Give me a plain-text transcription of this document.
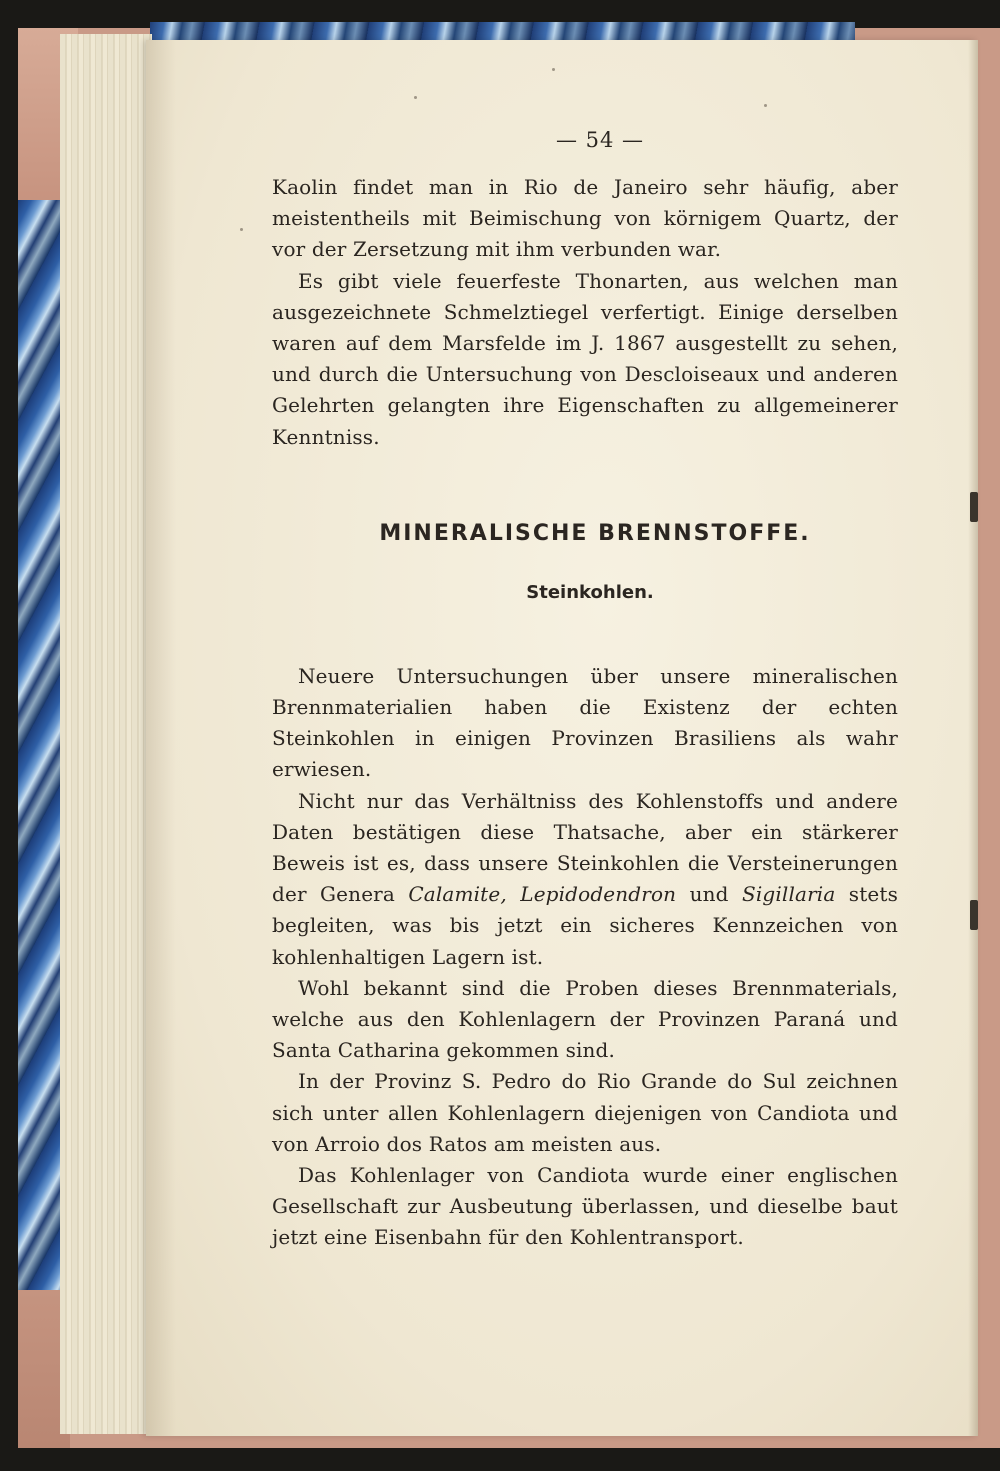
— 54 —

Kaolin findet man in Rio de Janeiro sehr häufig, aber meistentheils mit Beimischung von körnigem Quartz, der vor der Zersetzung mit ihm verbunden war.

Es gibt viele feuerfeste Thonarten, aus welchen man ausgezeichnete Schmelztiegel verfertigt. Einige derselben waren auf dem Marsfelde im J. 1867 ausgestellt zu sehen, und durch die Untersuchung von Descloiseaux und anderen Gelehrten gelangten ihre Eigenschaften zu allgemeinerer Kenntniss.

MINERALISCHE BRENNSTOFFE.
Steinkohlen.

Neuere Untersuchungen über unsere mineralischen Brennmaterialien haben die Existenz der echten Steinkohlen in einigen Provinzen Brasiliens als wahr erwiesen.

Nicht nur das Verhältniss des Kohlenstoffs und andere Daten bestätigen diese Thatsache, aber ein stärkerer Beweis ist es, dass unsere Steinkohlen die Versteinerungen der Genera Calamite, Lepidodendron und Sigillaria stets begleiten, was bis jetzt ein sicheres Kennzeichen von kohlenhaltigen Lagern ist.

Wohl bekannt sind die Proben dieses Brennmaterials, welche aus den Kohlenlagern der Provinzen Paraná und Santa Catharina gekommen sind.

In der Provinz S. Pedro do Rio Grande do Sul zeichnen sich unter allen Kohlenlagern diejenigen von Candiota und von Arroio dos Ratos am meisten aus.

Das Kohlenlager von Candiota wurde einer englischen Gesellschaft zur Ausbeutung überlassen, und dieselbe baut jetzt eine Eisenbahn für den Kohlentransport.
